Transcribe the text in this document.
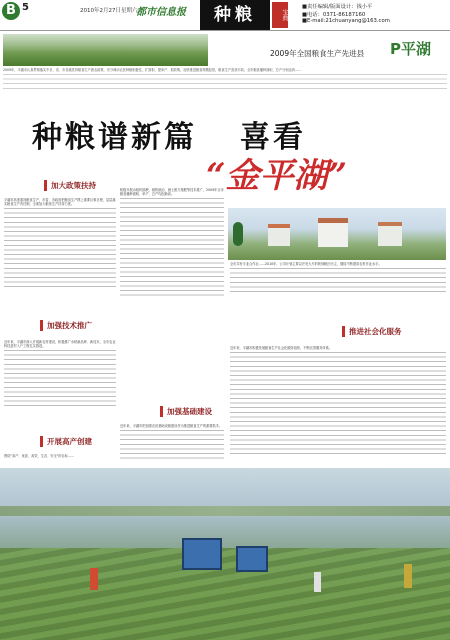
B 5	2010年2月27日星期六
都市信息报	种粮	宝典
■责任编辑/版面设计：钱小平
■电话：0371-86187160
■E-mail:21chuanyang@163.com
2009年全国粮食生产先进县 P平湖
2009年，平湖市认真贯彻落实中央、省、市各级扶持粮食生产惠农政策，充分调动农民种粮积极性，扩面积、提单产、抓收购，加快推进粮食规模经营，粮食生产喜获丰收。全市粮食播种面积、总产分别达到……
种粮谱新篇 喜看
“金平湖”
加大政策扶持
平湖市高度重视粮食生产，市委、市政府把粮食生产摆上重要议事日程，层层落实粮食生产责任制，全面加大粮食生产扶持力度。
加强技术推广
近年来，平湖市深入开展新农村建设，积极推广水稻新品种、新技术，全市农业科技进村入户工程扎实推进。
开展高产创建
围绕“高产、优质、高效、生态、安全”的目标……
积极开展水稻机插秧、统防统治、测土配方施肥等技术推广，2009年全市粮食播种面积、单产、总产均创新高。
加强基础建设
近年来，平湖市把加强农田基础设施建设作为推进粮食生产的重要抓手。
全市共有专业合作社……2010年，公司计划主要以开发大片的规划粮田为主，继续不断提高农机作业水平。
推进社会化服务
近年来，平湖市积极发展粮食生产社会化服务组织，不断完善服务体系。
